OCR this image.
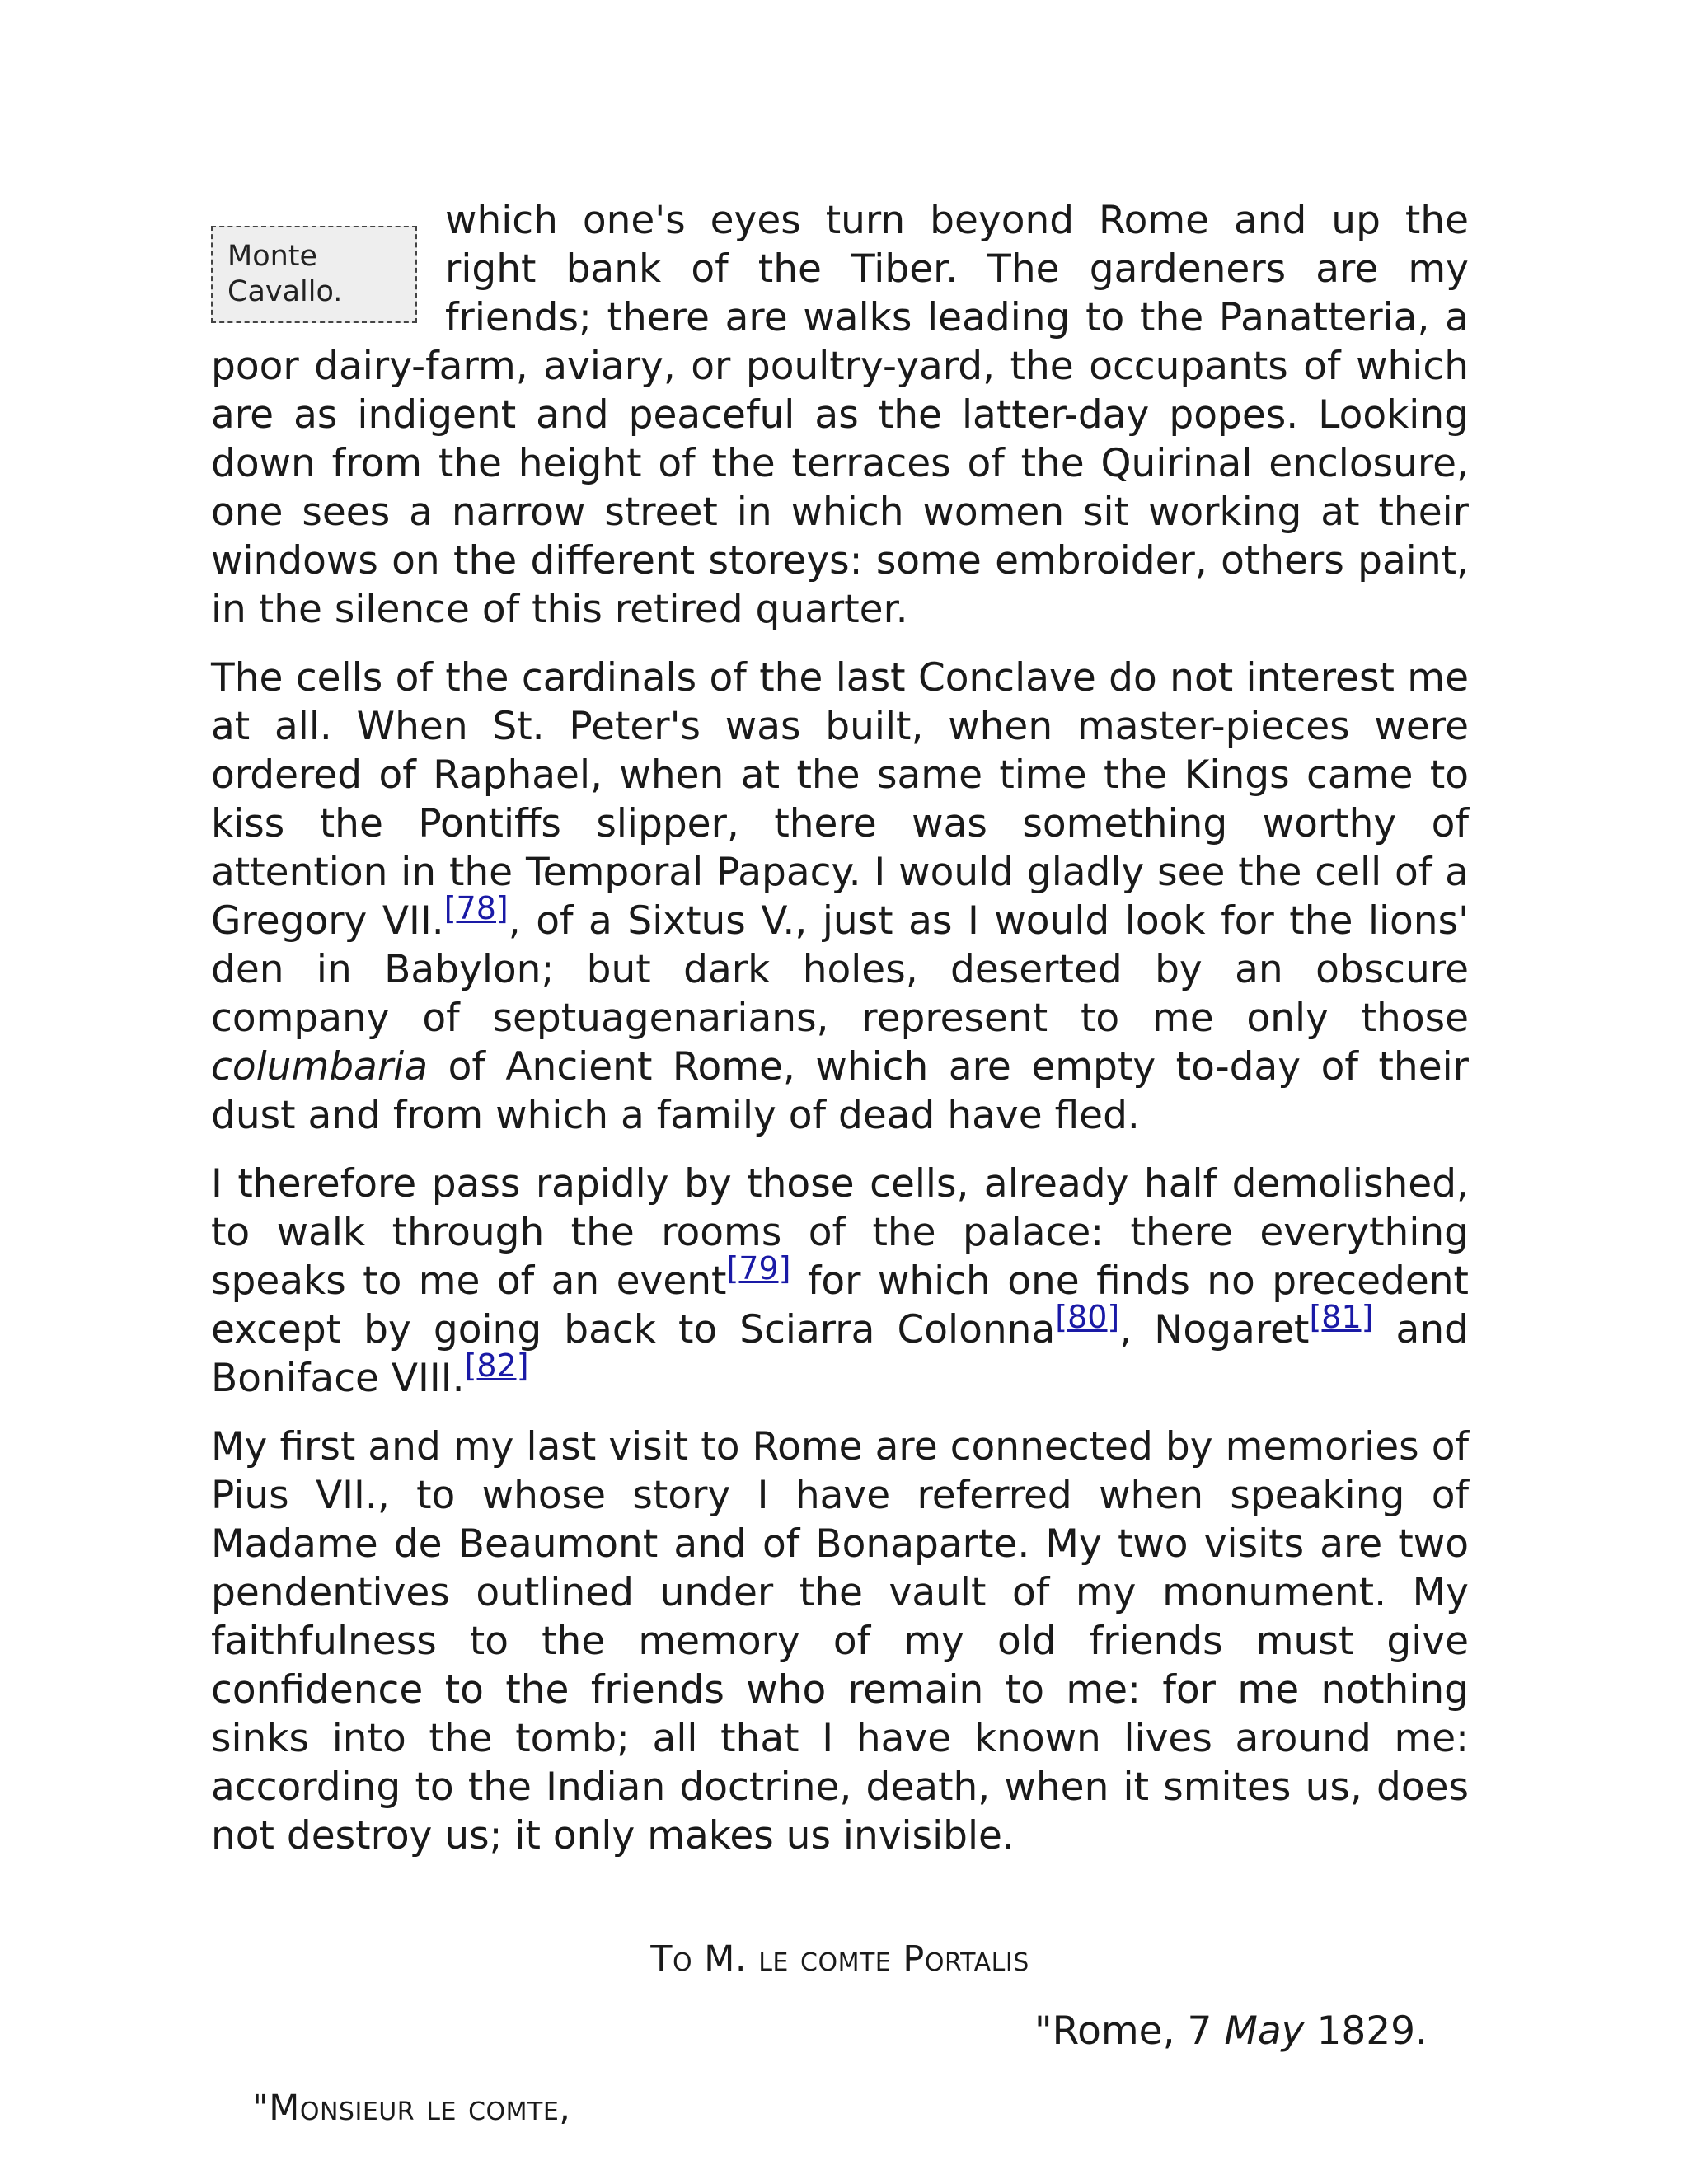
Monte Cavallo.

which one's eyes turn beyond Rome and up the right bank of the Tiber. The gardeners are my friends; there are walks leading to the Panatteria, a poor dairy-farm, aviary, or poultry-yard, the occupants of which are as indigent and peaceful as the latter-day popes. Looking down from the height of the terraces of the Quirinal enclosure, one sees a narrow street in which women sit working at their windows on the different storeys: some embroider, others paint, in the silence of this retired quarter.

The cells of the cardinals of the last Conclave do not interest me at all. When St. Peter's was built, when master-pieces were ordered of Raphael, when at the same time the Kings came to kiss the Pontiffs slipper, there was something worthy of attention in the Temporal Papacy. I would gladly see the cell of a Gregory VII.[78], of a Sixtus V., just as I would look for the lions' den in Babylon; but dark holes, deserted by an obscure company of septuagenarians, represent to me only those columbaria of Ancient Rome, which are empty to-day of their dust and from which a family of dead have fled.

I therefore pass rapidly by those cells, already half demolished, to walk through the rooms of the palace: there everything speaks to me of an event[79] for which one finds no precedent except by going back to Sciarra Colonna[80], Nogaret[81] and Boniface VIII.[82]

My first and my last visit to Rome are connected by memories of Pius VII., to whose story I have referred when speaking of Madame de Beaumont and of Bonaparte. My two visits are two pendentives outlined under the vault of my monument. My faithfulness to the memory of my old friends must give confidence to the friends who remain to me: for me nothing sinks into the tomb; all that I have known lives around me: according to the Indian doctrine, death, when it smites us, does not destroy us; it only makes us invisible.

To M. le comte Portalis
"Rome, 7 May 1829.
"Monsieur le comte,
